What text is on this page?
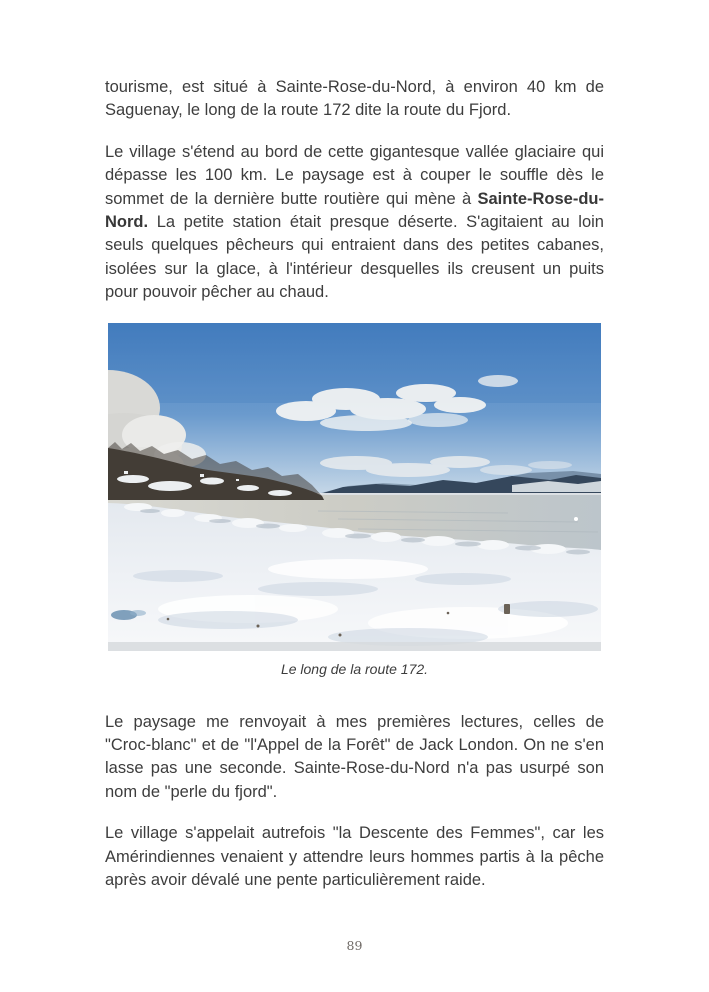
tourisme, est situé à Sainte-Rose-du-Nord, à environ 40 km de Saguenay, le long de la route 172 dite la route du Fjord.

Le village s'étend au bord de cette gigantesque vallée glaciaire qui dépasse les 100 km. Le paysage est à couper le souffle dès le sommet de la dernière butte routière qui mène à Sainte-Rose-du-Nord. La petite station était presque déserte. S'agitaient au loin seuls quelques pêcheurs qui entraient dans des petites cabanes, isolées sur la glace, à l'intérieur desquelles ils creusent un puits pour pouvoir pêcher au chaud.

Le long de la route 172.

Le paysage me renvoyait à mes premières lectures, celles de "Croc-blanc" et de "l'Appel de la Forêt" de Jack London. On ne s'en lasse pas une seconde. Sainte-Rose-du-Nord n'a pas usurpé son nom de "perle du fjord".

Le village s'appelait autrefois "la Descente des Femmes", car les Amérindiennes venaient y attendre leurs hommes partis à la pêche après avoir dévalé une pente particulièrement raide.

89
